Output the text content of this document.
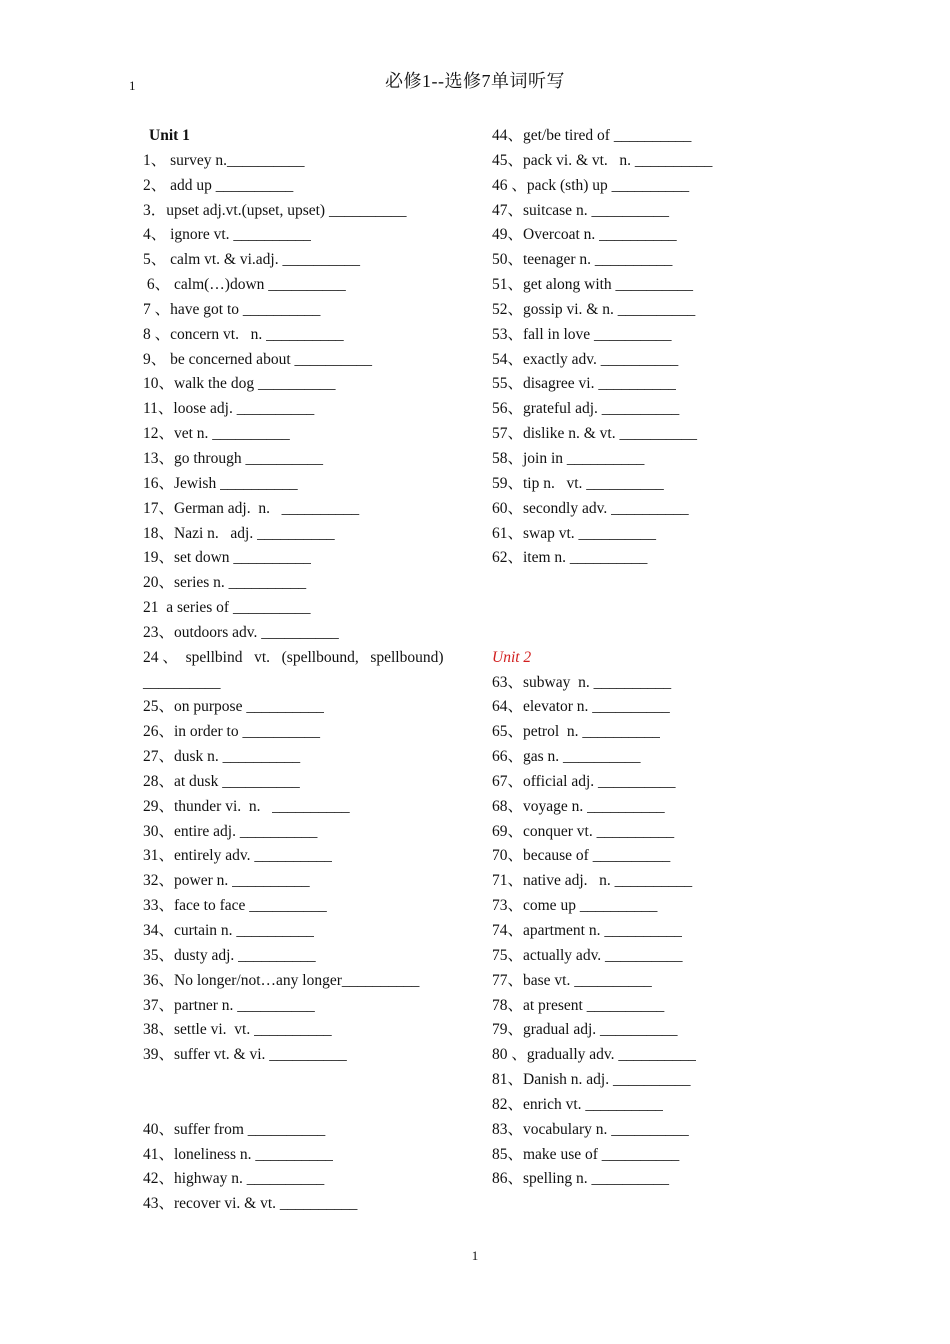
1	必修1--选修7单词听写
Unit 1
1、 survey n.__________
2、 add up __________
3．upset adj.vt.(upset, upset) __________
4、 ignore vt. __________
5、 calm vt. & vi.adj. __________
6、 calm(…)down __________
7 、have got to __________
8 、concern vt.   n. __________
9、 be concerned about __________
10、walk the dog __________
11、loose adj. __________
12、vet n. __________
13、go through __________
16、Jewish __________
17、German adj.  n.   __________
18、Nazi n.   adj. __________
19、set down __________
20、series n. __________
21  a series of __________
23、outdoors adv. __________
24 、  spellbind   vt.   (spellbound,   spellbound)
__________
25、on purpose __________
26、in order to __________
27、dusk n. __________
28、at dusk __________
29、thunder vi.  n.   __________
30、entire adj. __________
31、entirely adv. __________
32、power n. __________
33、face to face __________
34、curtain n. __________
35、dusty adj. __________
36、No longer/not…any longer__________
37、partner n. __________
38、settle vi.  vt. __________
39、suffer vt. & vi. __________
40、suffer from __________
41、loneliness n. __________
42、highway n. __________
43、recover vi. & vt. __________
44、get/be tired of __________
45、pack vi. & vt.   n. __________
46 、pack (sth) up __________
47、suitcase n. __________
49、Overcoat n. __________
50、teenager n. __________
51、get along with __________
52、gossip vi. & n. __________
53、fall in love __________
54、exactly adv. __________
55、disagree vi. __________
56、grateful adj. __________
57、dislike n. & vt. __________
58、join in __________
59、tip n.   vt. __________
60、secondly adv. __________
61、swap vt. __________
62、item n. __________
Unit 2
63、subway  n. __________
64、elevator n. __________
65、petrol  n. __________
66、gas n. __________
67、official adj. __________
68、voyage n. __________
69、conquer vt. __________
70、because of __________
71、native adj.   n. __________
73、come up __________
74、apartment n. __________
75、actually adv. __________
77、base vt. __________
78、at present __________
79、gradual adj. __________
80 、gradually adv. __________
81、Danish n. adj. __________
82、enrich vt. __________
83、vocabulary n. __________
85、make use of __________
86、spelling n. __________
1
